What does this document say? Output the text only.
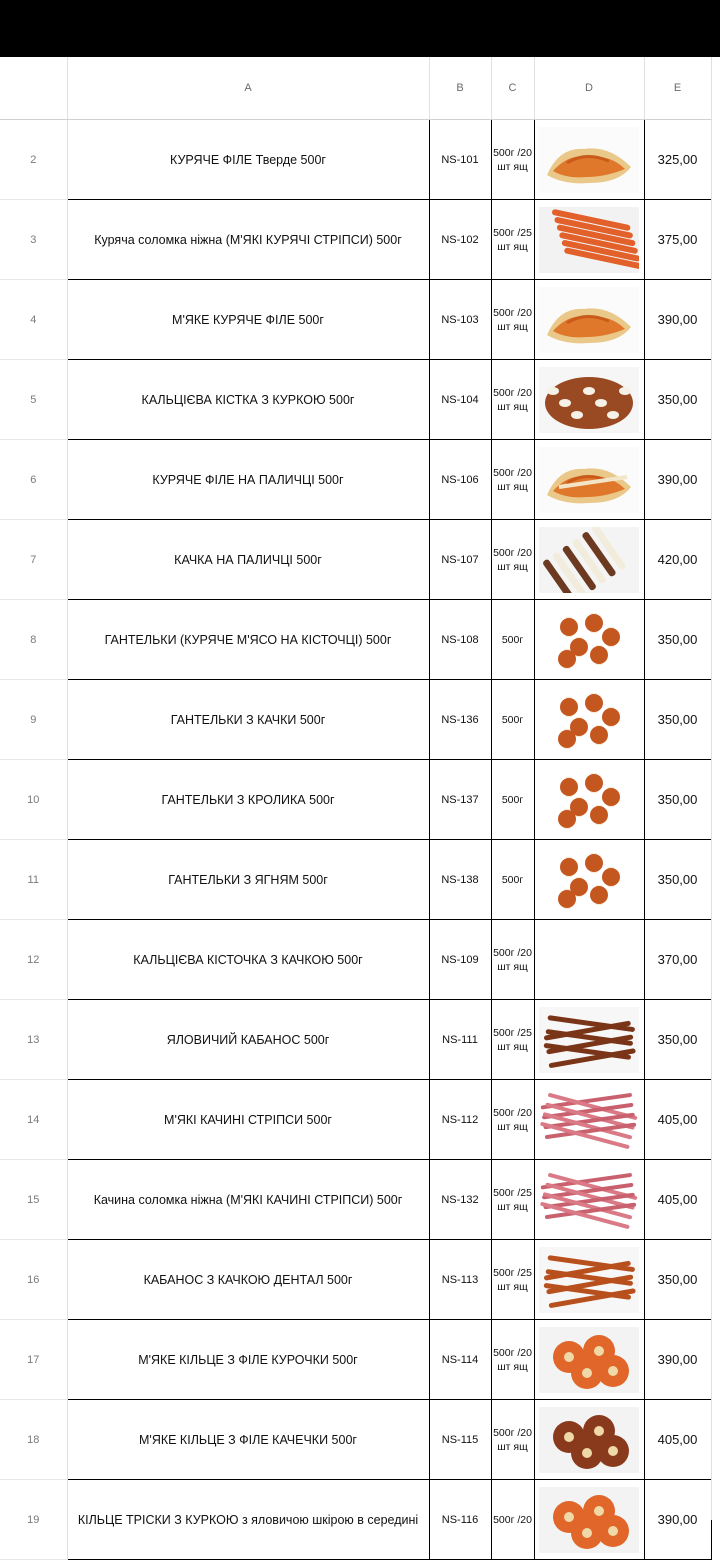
	A	B	C	D	E
2	КУРЯЧЕ ФІЛЕ Тверде 500г	NS-101	500г /20 шт ящ		325,00
3	Куряча соломка ніжна (М'ЯКІ КУРЯЧІ СТРІПСИ) 500г	NS-102	500г /25 шт ящ		375,00
4	М'ЯКЕ КУРЯЧЕ ФІЛЕ 500г	NS-103	500г /20 шт ящ		390,00
5	КАЛЬЦІЄВА КІСТКА З КУРКОЮ 500г	NS-104	500г /20 шт ящ		350,00
6	КУРЯЧЕ ФІЛЕ НА ПАЛИЧЦІ 500г	NS-106	500г /20 шт ящ		390,00
7	КАЧКА НА ПАЛИЧЦІ 500г	NS-107	500г /20 шт ящ		420,00
8	ГАНТЕЛЬКИ (КУРЯЧЕ М'ЯСО НА КІСТОЧЦІ) 500г	NS-108	500г		350,00
9	ГАНТЕЛЬКИ З КАЧКИ 500г	NS-136	500г		350,00
10	ГАНТЕЛЬКИ З КРОЛИКА 500г	NS-137	500г		350,00
11	ГАНТЕЛЬКИ З ЯГНЯМ 500г	NS-138	500г		350,00
12	КАЛЬЦІЄВА КІСТОЧКА З КАЧКОЮ 500г	NS-109	500г /20 шт ящ		370,00
13	ЯЛОВИЧИЙ КАБАНОС 500г	NS-111	500г /25 шт ящ		350,00
14	М'ЯКІ КАЧИНІ СТРІПСИ 500г	NS-112	500г /20 шт ящ		405,00
15	Качина соломка ніжна (М'ЯКІ КАЧИНІ СТРІПСИ) 500г	NS-132	500г /25 шт ящ		405,00
16	КАБАНОС З КАЧКОЮ ДЕНТАЛ 500г	NS-113	500г /25 шт ящ		350,00
17	М'ЯКЕ КІЛЬЦЕ З ФІЛЕ КУРОЧКИ 500г	NS-114	500г /20 шт ящ		390,00
18	М'ЯКЕ КІЛЬЦЕ З ФІЛЕ КАЧЕЧКИ 500г	NS-115	500г /20 шт ящ		405,00
19	КІЛЬЦЕ ТРІСКИ З КУРКОЮ з яловичою шкірою в середині	NS-116	500г /20		390,00
